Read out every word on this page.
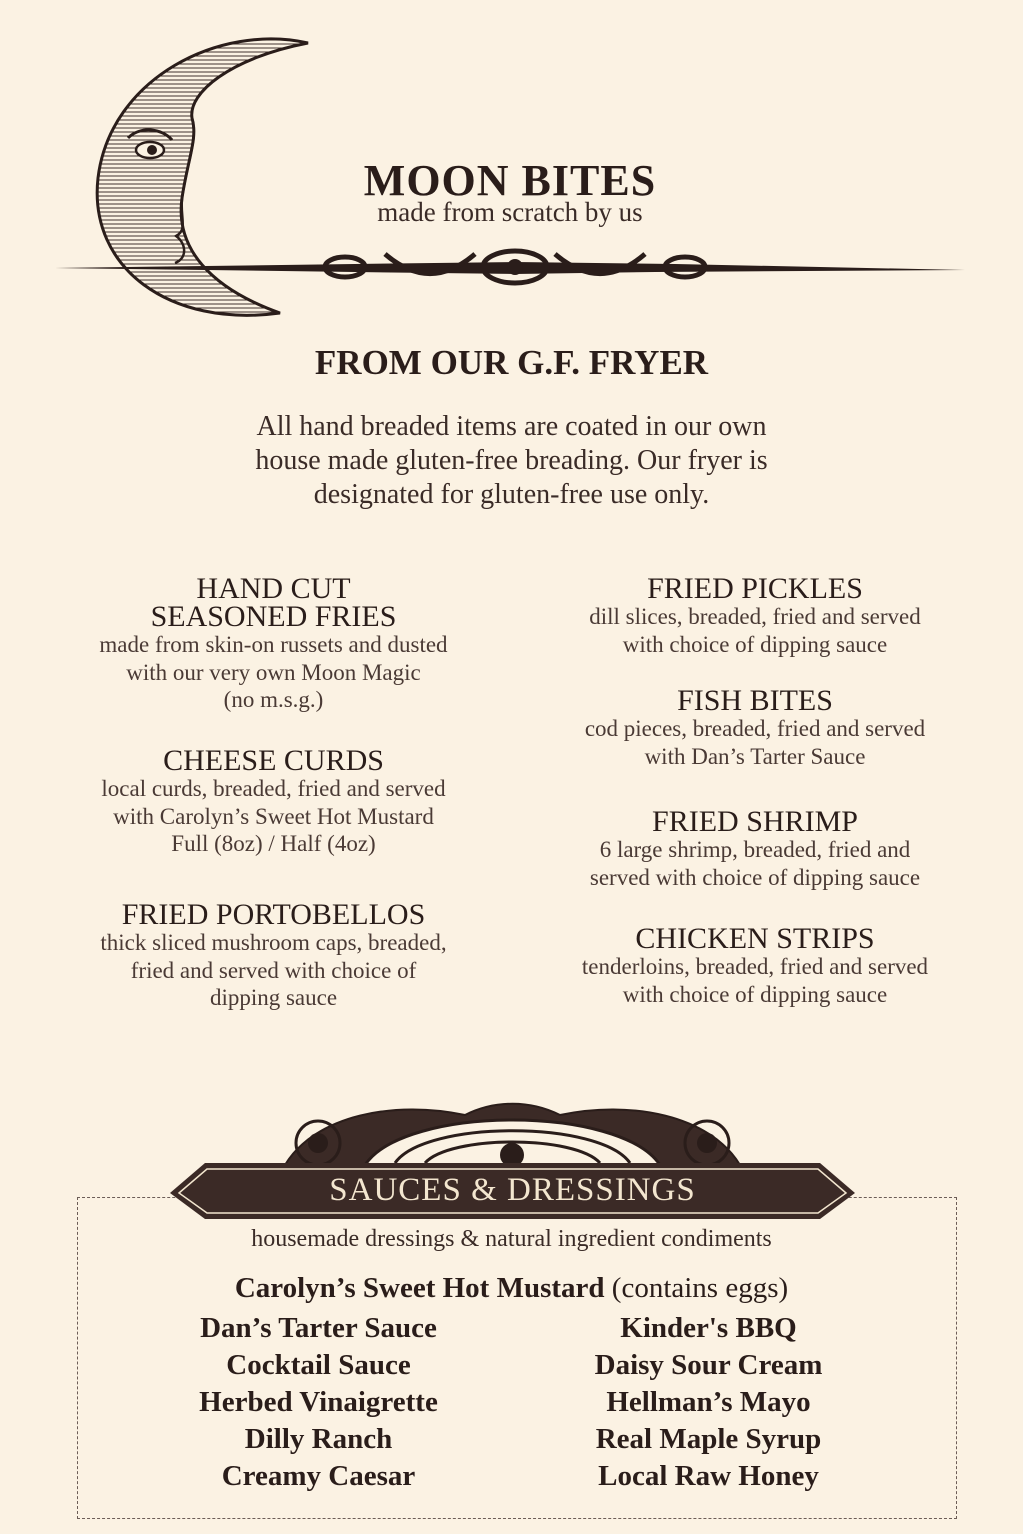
MOON BITES
made from scratch by us
FROM OUR G.F. FRYER
All hand breaded items are coated in our own
house made gluten-free breading. Our fryer is
designated for gluten-free use only.
HAND CUT
SEASONED FRIES
made from skin-on russets and dusted
with our very own Moon Magic
(no m.s.g.)
CHEESE CURDS
local curds, breaded, fried and served
with Carolyn’s Sweet Hot Mustard
Full (8oz) / Half (4oz)
FRIED PORTOBELLOS
thick sliced mushroom caps, breaded,
fried and served with choice of
dipping sauce
FRIED PICKLES
dill slices, breaded, fried and served
with choice of dipping sauce
FISH BITES
cod pieces, breaded, fried and served
with Dan’s Tarter Sauce
FRIED SHRIMP
6 large shrimp, breaded, fried and
served with choice of dipping sauce
CHICKEN STRIPS
tenderloins, breaded, fried and served
with choice of dipping sauce
SAUCES & DRESSINGS
housemade dressings & natural ingredient condiments
Carolyn’s Sweet Hot Mustard (contains eggs)
Dan’s Tarter Sauce
Cocktail Sauce
Herbed Vinaigrette
Dilly Ranch
Creamy Caesar
Kinder's BBQ
Daisy Sour Cream
Hellman’s Mayo
Real Maple Syrup
Local Raw Honey
